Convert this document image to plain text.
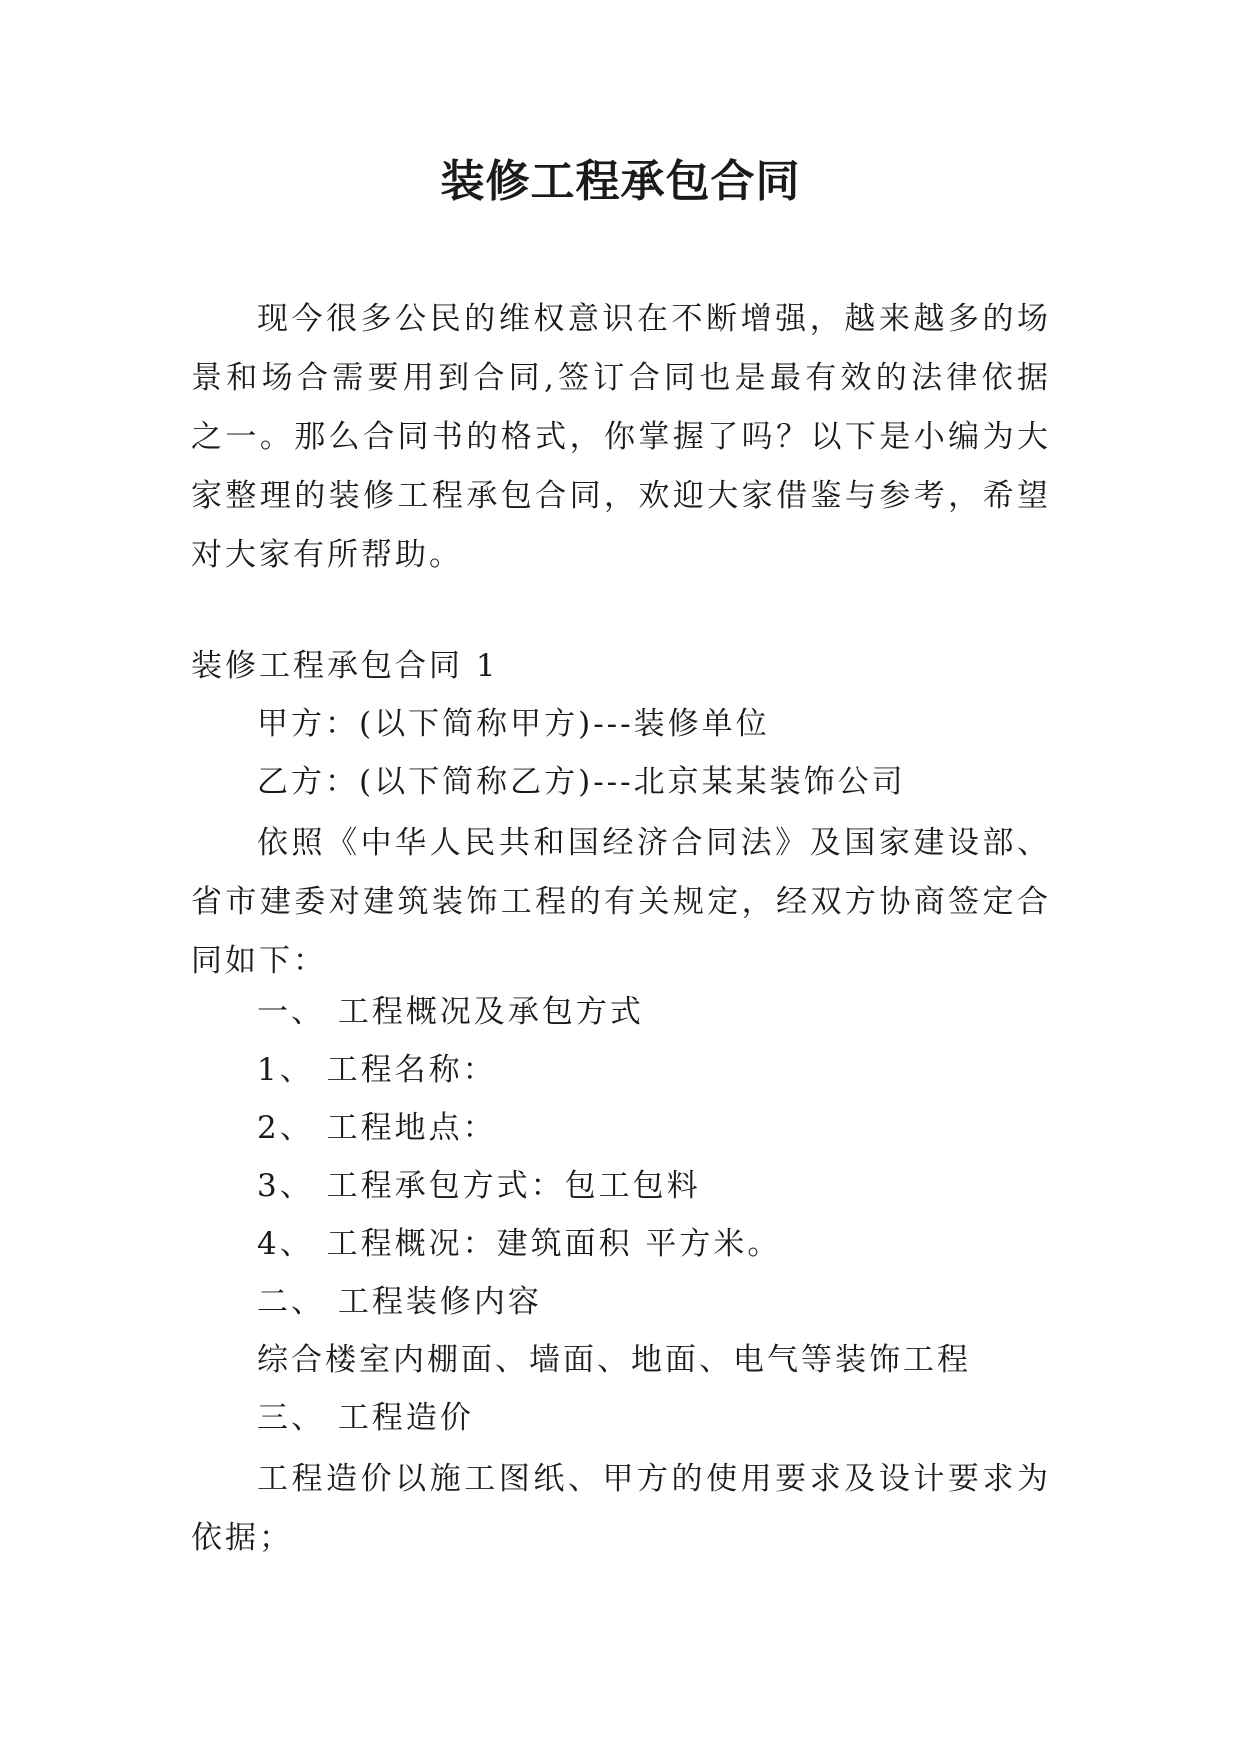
装修工程承包合同

现今很多公民的维权意识在不断增强，越来越多的场景和场合需要用到合同,签订合同也是最有效的法律依据之一。那么合同书的格式，你掌握了吗？以下是小编为大家整理的装修工程承包合同，欢迎大家借鉴与参考，希望对大家有所帮助。

装修工程承包合同 1

甲方：(以下简称甲方)---装修单位

乙方：(以下简称乙方)---北京某某装饰公司

依照《中华人民共和国经济合同法》及国家建设部、省市建委对建筑装饰工程的有关规定，经双方协商签定合同如下：

一、 工程概况及承包方式

1、 工程名称：

2、 工程地点：

3、 工程承包方式：包工包料

4、 工程概况：建筑面积 平方米。

二、 工程装修内容

综合楼室内棚面、墙面、地面、电气等装饰工程

三、 工程造价

工程造价以施工图纸、甲方的使用要求及设计要求为依据；
